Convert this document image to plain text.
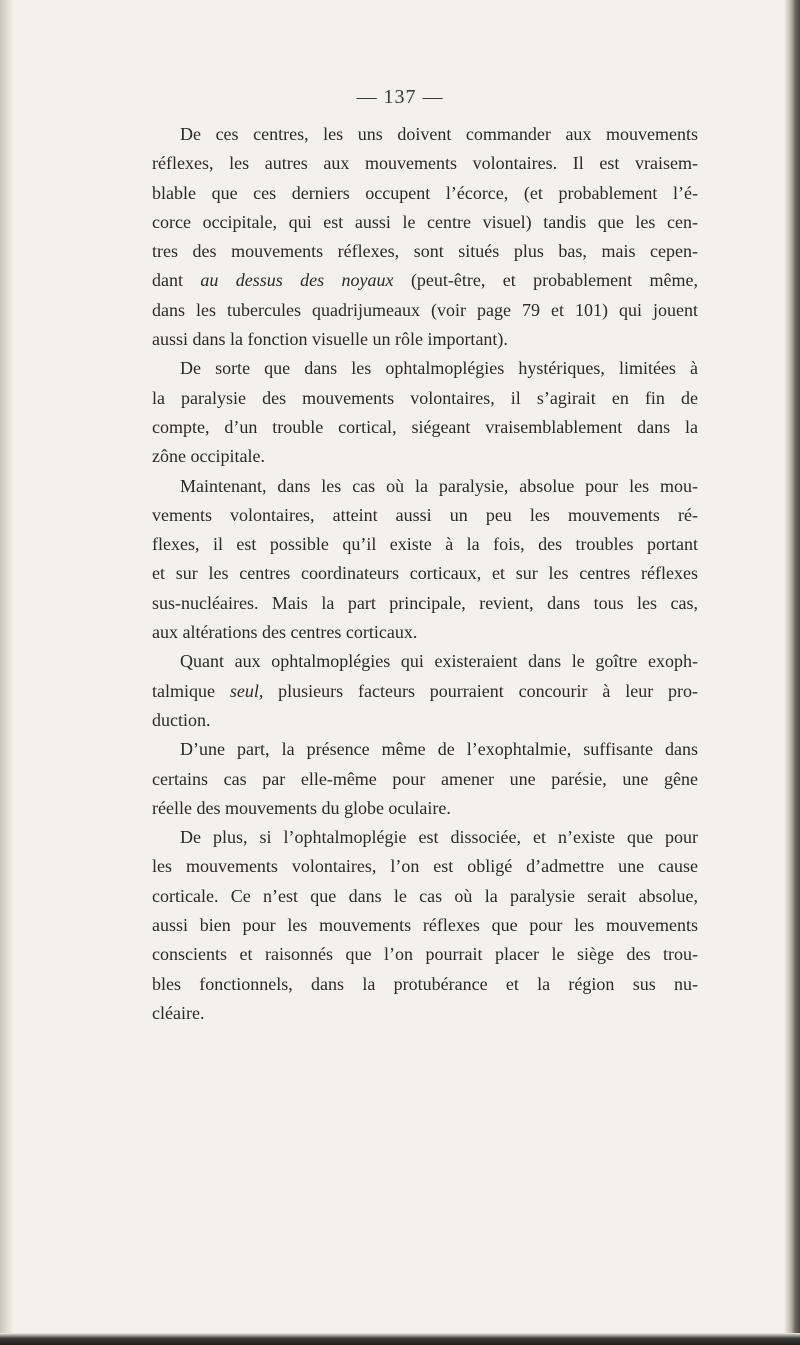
— 137 —
De ces centres, les uns doivent commander aux mouvements
réflexes, les autres aux mouvements volontaires. Il est vraisem-
blable que ces derniers occupent l’écorce, (et probablement l’é-
corce occipitale, qui est aussi le centre visuel) tandis que les cen-
tres des mouvements réflexes, sont situés plus bas, mais cepen-
dant au dessus des noyaux (peut-être, et probablement même,
dans les tubercules quadrijumeaux (voir page 79 et 101) qui jouent
aussi dans la fonction visuelle un rôle important).
De sorte que dans les ophtalmoplégies hystériques, limitées à
la paralysie des mouvements volontaires, il s’agirait en fin de
compte, d’un trouble cortical, siégeant vraisemblablement dans la
zône occipitale.
Maintenant, dans les cas où la paralysie, absolue pour les mou-
vements volontaires, atteint aussi un peu les mouvements ré-
flexes, il est possible qu’il existe à la fois, des troubles portant
et sur les centres coordinateurs corticaux, et sur les centres réflexes
sus-nucléaires. Mais la part principale, revient, dans tous les cas,
aux altérations des centres corticaux.
Quant aux ophtalmoplégies qui existeraient dans le goître exoph-
talmique seul, plusieurs facteurs pourraient concourir à leur pro-
duction.
D’une part, la présence même de l’exophtalmie, suffisante dans
certains cas par elle-même pour amener une parésie, une gêne
réelle des mouvements du globe oculaire.
De plus, si l’ophtalmoplégie est dissociée, et n’existe que pour
les mouvements volontaires, l’on est obligé d’admettre une cause
corticale. Ce n’est que dans le cas où la paralysie serait absolue,
aussi bien pour les mouvements réflexes que pour les mouvements
conscients et raisonnés que l’on pourrait placer le siège des trou-
bles fonctionnels, dans la protubérance et la région sus nu-
cléaire.
